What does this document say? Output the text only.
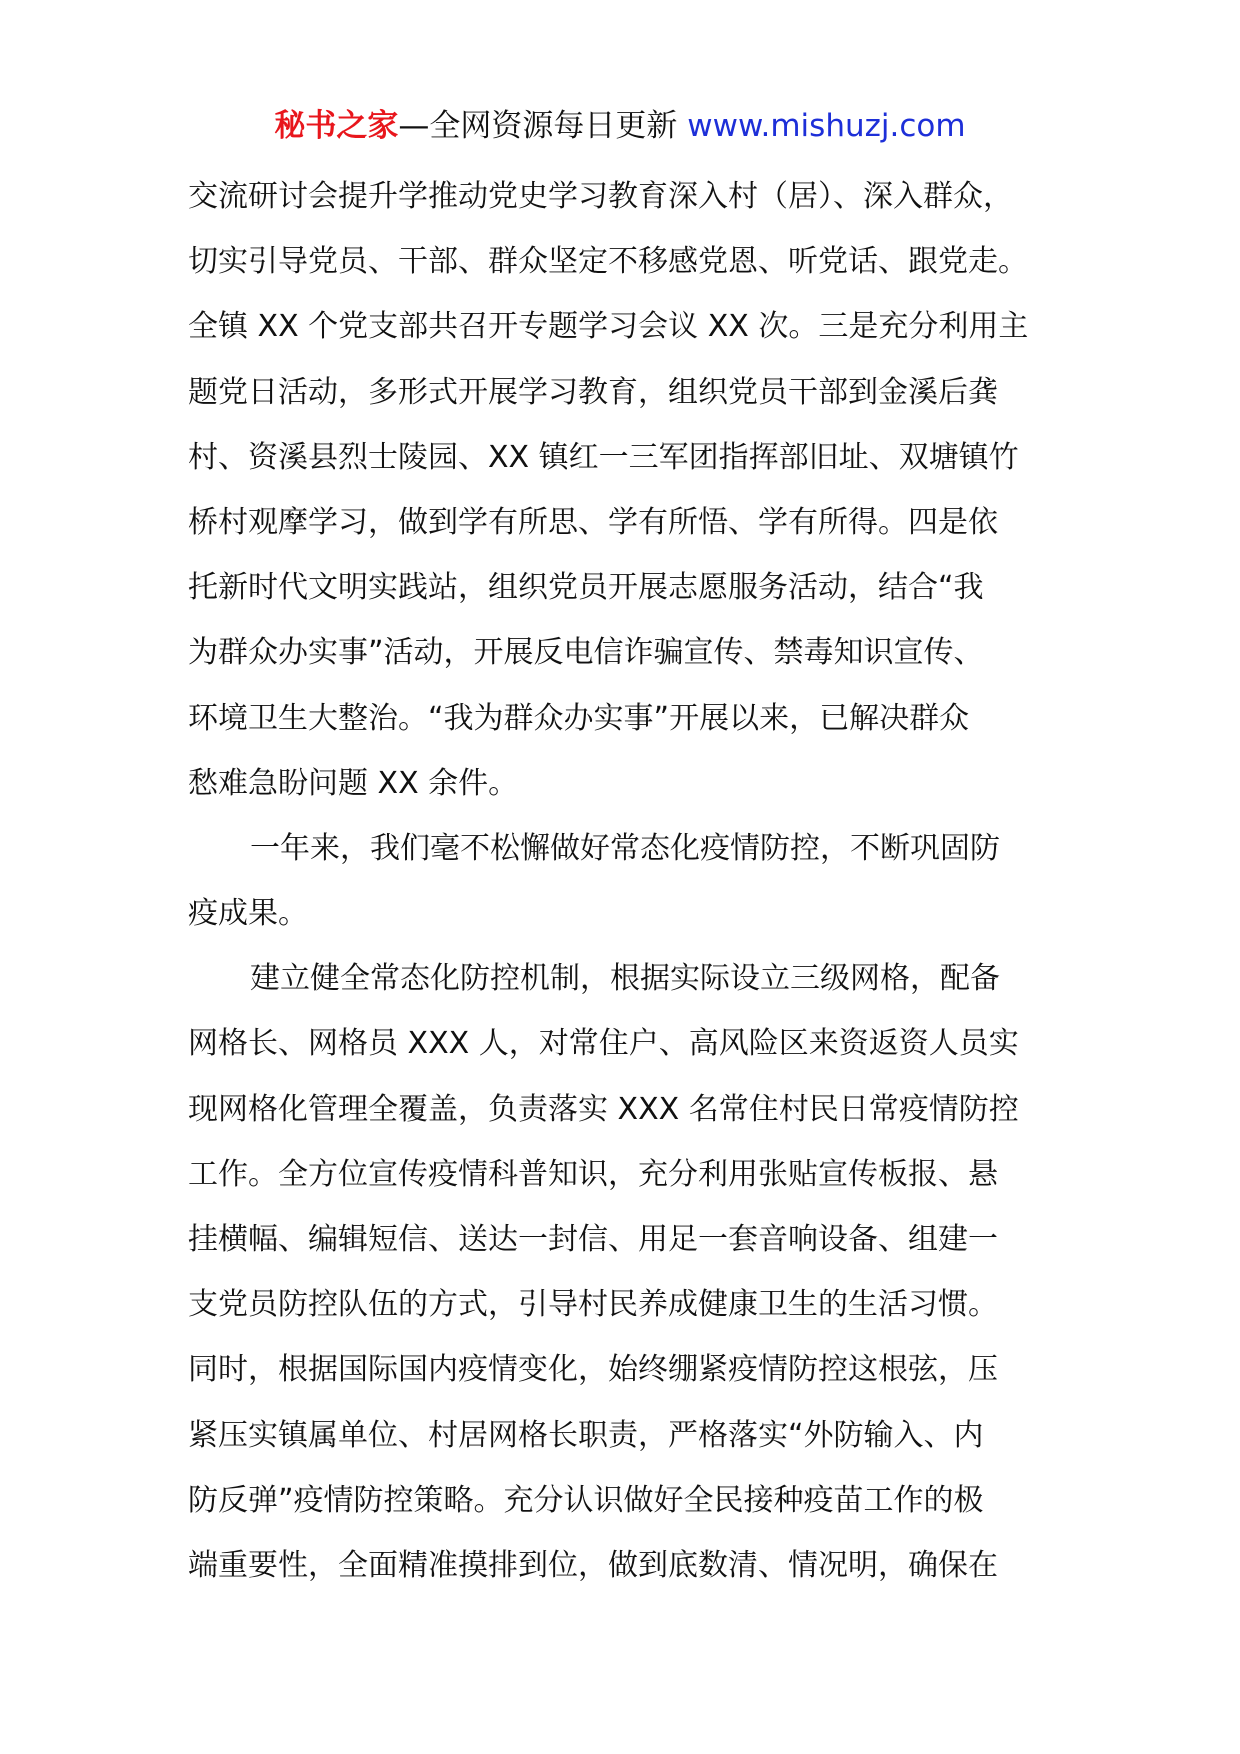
秘书之家—全网资源每日更新 www.mishuzj.com
交流研讨会提升学推动党史学习教育深入村（居）、深入群众，
切实引导党员、干部、群众坚定不移感党恩、听党话、跟党走。
全镇 XX 个党支部共召开专题学习会议 XX 次。三是充分利用主
题党日活动，多形式开展学习教育，组织党员干部到金溪后龚
村、资溪县烈士陵园、XX 镇红一三军团指挥部旧址、双塘镇竹
桥村观摩学习，做到学有所思、学有所悟、学有所得。四是依
托新时代文明实践站，组织党员开展志愿服务活动，结合“我
为群众办实事”活动，开展反电信诈骗宣传、禁毒知识宣传、
环境卫生大整治。“我为群众办实事”开展以来，已解决群众
愁难急盼问题 XX 余件。
一年来，我们毫不松懈做好常态化疫情防控，不断巩固防
疫成果。
建立健全常态化防控机制，根据实际设立三级网格，配备
网格长、网格员 XXX 人，对常住户、高风险区来资返资人员实
现网格化管理全覆盖，负责落实 XXX 名常住村民日常疫情防控
工作。全方位宣传疫情科普知识，充分利用张贴宣传板报、悬
挂横幅、编辑短信、送达一封信、用足一套音响设备、组建一
支党员防控队伍的方式，引导村民养成健康卫生的生活习惯。
同时，根据国际国内疫情变化，始终绷紧疫情防控这根弦，压
紧压实镇属单位、村居网格长职责，严格落实“外防输入、内
防反弹”疫情防控策略。充分认识做好全民接种疫苗工作的极
端重要性，全面精准摸排到位，做到底数清、情况明，确保在
